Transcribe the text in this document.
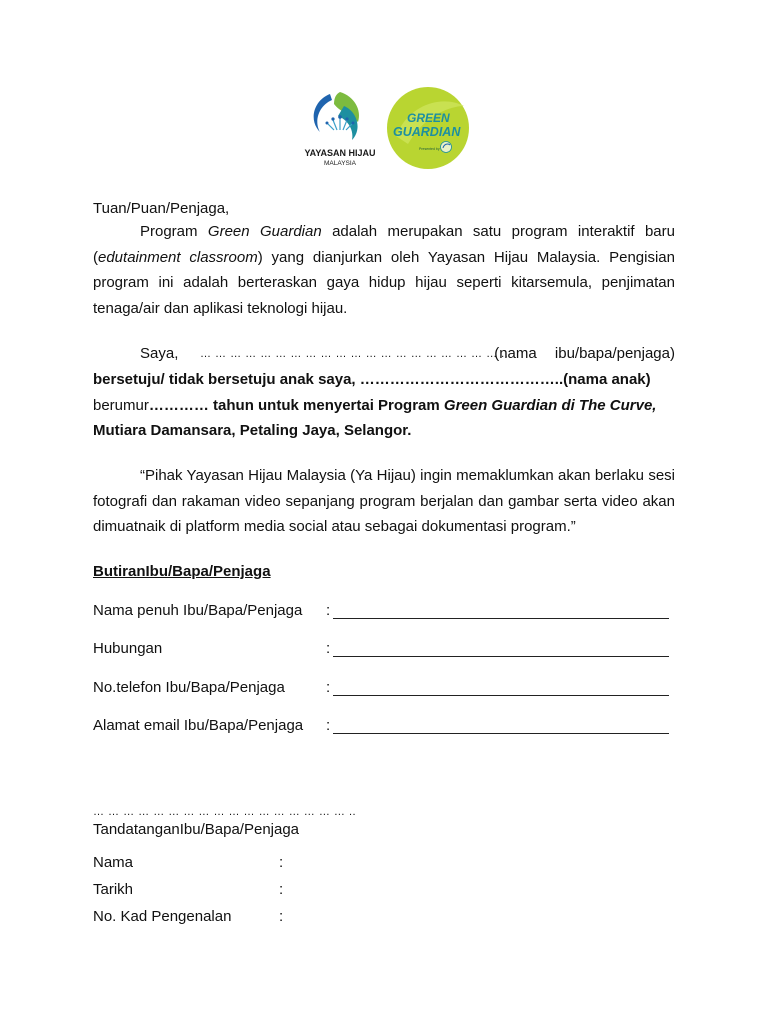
YAYASAN HIJAU
MALAYSIA
GREEN
GUARDIAN
Presented by

Tuan/Puan/Penjaga,

Program Green Guardian adalah merupakan satu program interaktif baru (edutainment classroom) yang dianjurkan oleh Yayasan Hijau Malaysia. Pengisian program ini adalah berteraskan gaya hidup hijau seperti kitarsemula, penjimatan tenaga/air dan aplikasi teknologi hijau.

Saya, … … … … … … … … … … … … … … … … … … … … ..
(nama ibu/bapa/penjaga)

bersetuju/ tidak bersetuju anak saya, …………………………………..(nama anak)

berumur………… tahun untuk menyertai Program Green Guardian di The Curve,

Mutiara Damansara, Petaling Jaya, Selangor.

“Pihak Yayasan Hijau Malaysia (Ya Hijau) ingin memaklumkan akan berlaku sesi fotografi dan rakaman video sepanjang program berjalan dan gambar serta video akan dimuatnaik di platform media social atau sebagai dokumentasi program.”

ButiranIbu/Bapa/Penjaga
Nama penuh Ibu/Bapa/Penjaga :
Hubungan	:
No.telefon Ibu/Bapa/Penjaga	:
Alamat email Ibu/Bapa/Penjaga :
… … … … … … … … … … … … … … … … … ..
TandatanganIbu/Bapa/Penjaga
Nama	:
Tarikh	:
No. Kad Pengenalan	:
